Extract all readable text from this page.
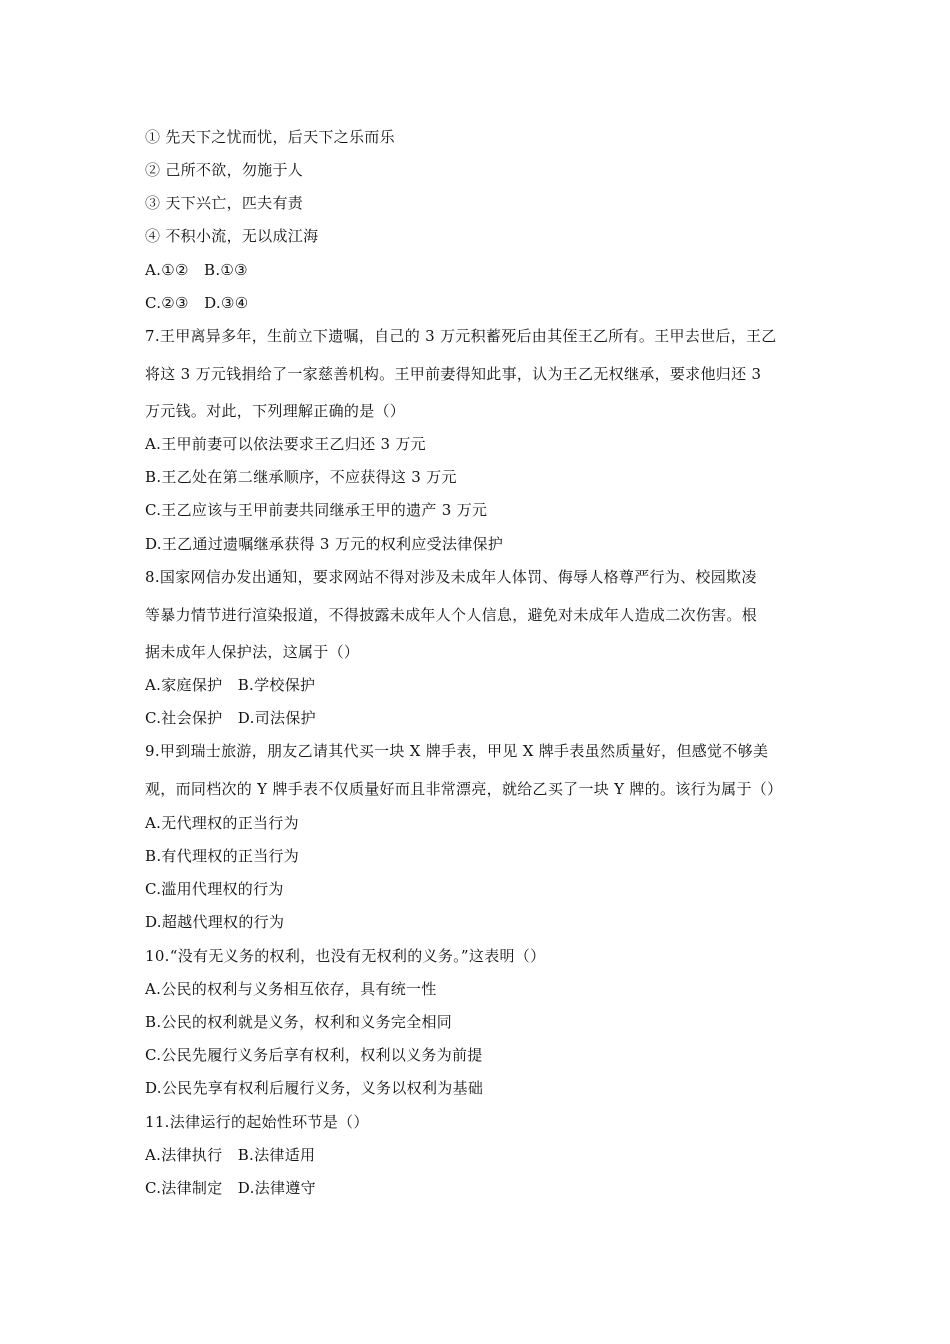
① 先天下之忧而忧，后天下之乐而乐
② 己所不欲，勿施于人
③ 天下兴亡，匹夫有责
④ 不积小流，无以成江海
A.①②　B.①③
C.②③　D.③④
7.王甲离异多年，生前立下遗嘱，自己的 3 万元积蓄死后由其侄王乙所有。王甲去世后，王乙
将这 3 万元钱捐给了一家慈善机构。王甲前妻得知此事，认为王乙无权继承，要求他归还 3
万元钱。对此，下列理解正确的是（）
A.王甲前妻可以依法要求王乙归还 3 万元
B.王乙处在第二继承顺序，不应获得这 3 万元
C.王乙应该与王甲前妻共同继承王甲的遗产 3 万元
D.王乙通过遗嘱继承获得 3 万元的权利应受法律保护
8.国家网信办发出通知，要求网站不得对涉及未成年人体罚、侮辱人格尊严行为、校园欺凌
等暴力情节进行渲染报道，不得披露未成年人个人信息，避免对未成年人造成二次伤害。根
据未成年人保护法，这属于（）
A.家庭保护　B.学校保护
C.社会保护　D.司法保护
9.甲到瑞士旅游，朋友乙请其代买一块 X 牌手表，甲见 X 牌手表虽然质量好，但感觉不够美
观，而同档次的 Y 牌手表不仅质量好而且非常漂亮，就给乙买了一块 Y 牌的。该行为属于（）
A.无代理权的正当行为
B.有代理权的正当行为
C.滥用代理权的行为
D.超越代理权的行为
10.“没有无义务的权利，也没有无权利的义务。”这表明（）
A.公民的权利与义务相互依存，具有统一性
B.公民的权利就是义务，权利和义务完全相同
C.公民先履行义务后享有权利，权利以义务为前提
D.公民先享有权利后履行义务，义务以权利为基础
11.法律运行的起始性环节是（）
A.法律执行　B.法律适用
C.法律制定　D.法律遵守
